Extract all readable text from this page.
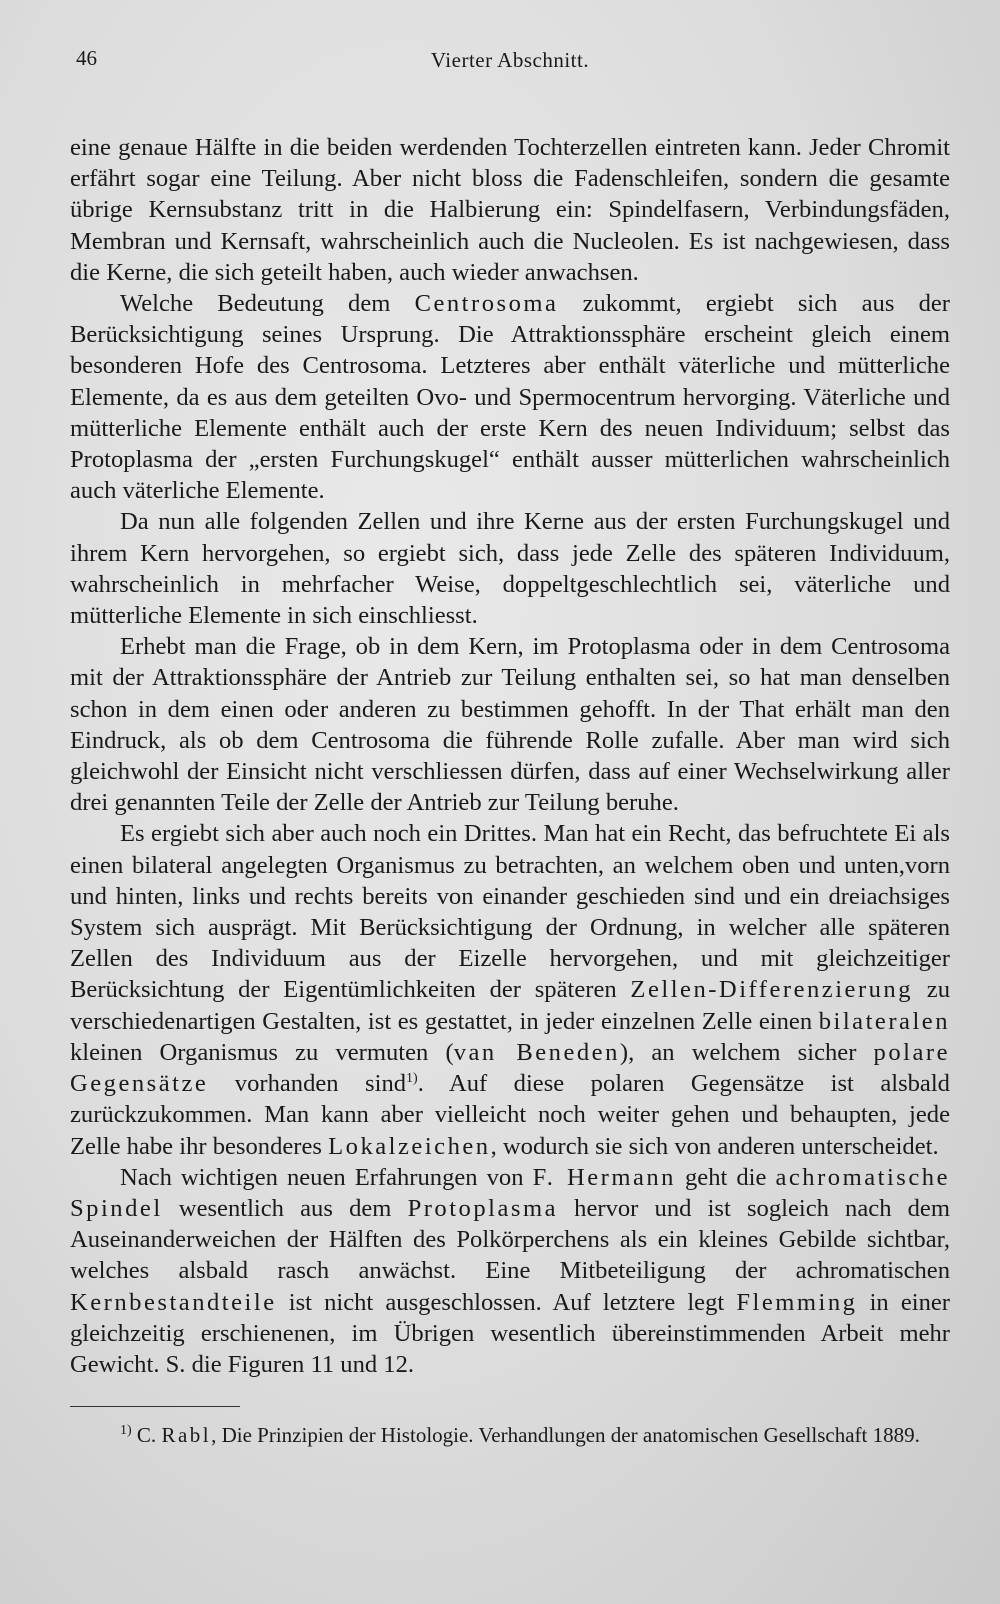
46	Vierter Abschnitt.

eine genaue Hälfte in die beiden werdenden Tochterzellen eintreten kann. Jeder Chromit erfährt sogar eine Teilung. Aber nicht bloss die Fadenschleifen, sondern die gesamte übrige Kernsubstanz tritt in die Halbierung ein: Spindelfasern, Verbindungsfäden, Membran und Kernsaft, wahrscheinlich auch die Nucleolen. Es ist nachgewiesen, dass die Kerne, die sich geteilt haben, auch wieder anwachsen.

Welche Bedeutung dem Centrosoma zukommt, ergiebt sich aus der Berücksichtigung seines Ursprung. Die Attraktionssphäre erscheint gleich einem besonderen Hofe des Centrosoma. Letzteres aber enthält väterliche und mütterliche Elemente, da es aus dem geteilten Ovo- und Spermocentrum hervorging. Väterliche und mütterliche Elemente enthält auch der erste Kern des neuen Individuum; selbst das Protoplasma der „ersten Furchungskugel“ enthält ausser mütterlichen wahrscheinlich auch väterliche Elemente.

Da nun alle folgenden Zellen und ihre Kerne aus der ersten Furchungskugel und ihrem Kern hervorgehen, so ergiebt sich, dass jede Zelle des späteren Individuum, wahrscheinlich in mehrfacher Weise, doppeltgeschlechtlich sei, väterliche und mütterliche Elemente in sich einschliesst.

Erhebt man die Frage, ob in dem Kern, im Protoplasma oder in dem Centrosoma mit der Attraktionssphäre der Antrieb zur Teilung enthalten sei, so hat man denselben schon in dem einen oder anderen zu bestimmen gehofft. In der That erhält man den Eindruck, als ob dem Centrosoma die führende Rolle zufalle. Aber man wird sich gleichwohl der Einsicht nicht verschliessen dürfen, dass auf einer Wechselwirkung aller drei genannten Teile der Zelle der Antrieb zur Teilung beruhe.

Es ergiebt sich aber auch noch ein Drittes. Man hat ein Recht, das befruchtete Ei als einen bilateral angelegten Organismus zu betrachten, an welchem oben und unten,vorn und hinten, links und rechts bereits von einander geschieden sind und ein dreiachsiges System sich ausprägt. Mit Berücksichtigung der Ordnung, in welcher alle späteren Zellen des Individuum aus der Eizelle hervorgehen, und mit gleichzeitiger Berücksichtung der Eigentümlichkeiten der späteren Zellen-Differenzierung zu verschiedenartigen Gestalten, ist es gestattet, in jeder einzelnen Zelle einen bilateralen kleinen Organismus zu vermuten (van Beneden), an welchem sicher polare Gegensätze vorhanden sind$^{1)}$. Auf diese polaren Gegensätze ist alsbald zurückzukommen. Man kann aber vielleicht noch weiter gehen und behaupten, jede Zelle habe ihr besonderes Lokalzeichen, wodurch sie sich von anderen unterscheidet.

Nach wichtigen neuen Erfahrungen von F. Hermann geht die achromatische Spindel wesentlich aus dem Protoplasma hervor und ist sogleich nach dem Auseinanderweichen der Hälften des Polkörperchens als ein kleines Gebilde sichtbar, welches alsbald rasch anwächst. Eine Mitbeteiligung der achromatischen Kernbestandteile ist nicht ausgeschlossen. Auf letztere legt Flemming in einer gleichzeitig erschienenen, im Übrigen wesentlich übereinstimmenden Arbeit mehr Gewicht. S. die Figuren 11 und 12.

$^{1)}$ C. Rabl, Die Prinzipien der Histologie. Verhandlungen der anatomischen Gesellschaft 1889.
